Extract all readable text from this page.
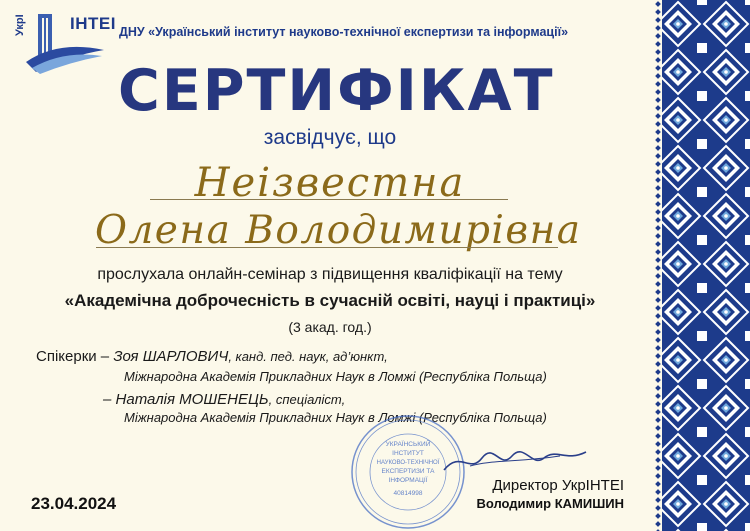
ІНТЕІ
УкрІ	ДНУ «Український інститут науково-технічної експертизи та інформації»
СЕРТИФІКАТ
засвідчує, що
Неізвестна
Олена Володимирівна
прослухала онлайн-семінар з підвищення кваліфікації на тему
«Академічна доброчесність в сучасній освіті, науці і практиці»
(3 акад. год.)
Спікерки – Зоя ШАРЛОВИЧ, канд. пед. наук, ад’юнкт,
Міжнародна Академія Прикладних Наук в Ломжі (Республіка Польща)
– Наталія МОШЕНЕЦЬ, спеціаліст,
Міжнародна Академія Прикладних Наук в Ломжі (Республіка Польща)
УКРАЇНСЬКИЙ
ІНСТИТУТ
НАУКОВО-ТЕХНІЧНОЇ
ЕКСПЕРТИЗИ ТА
ІНФОРМАЦІЇ
40814998
23.04.2024
Директор УкрІНТЕІ
Володимир КАМИШИН
